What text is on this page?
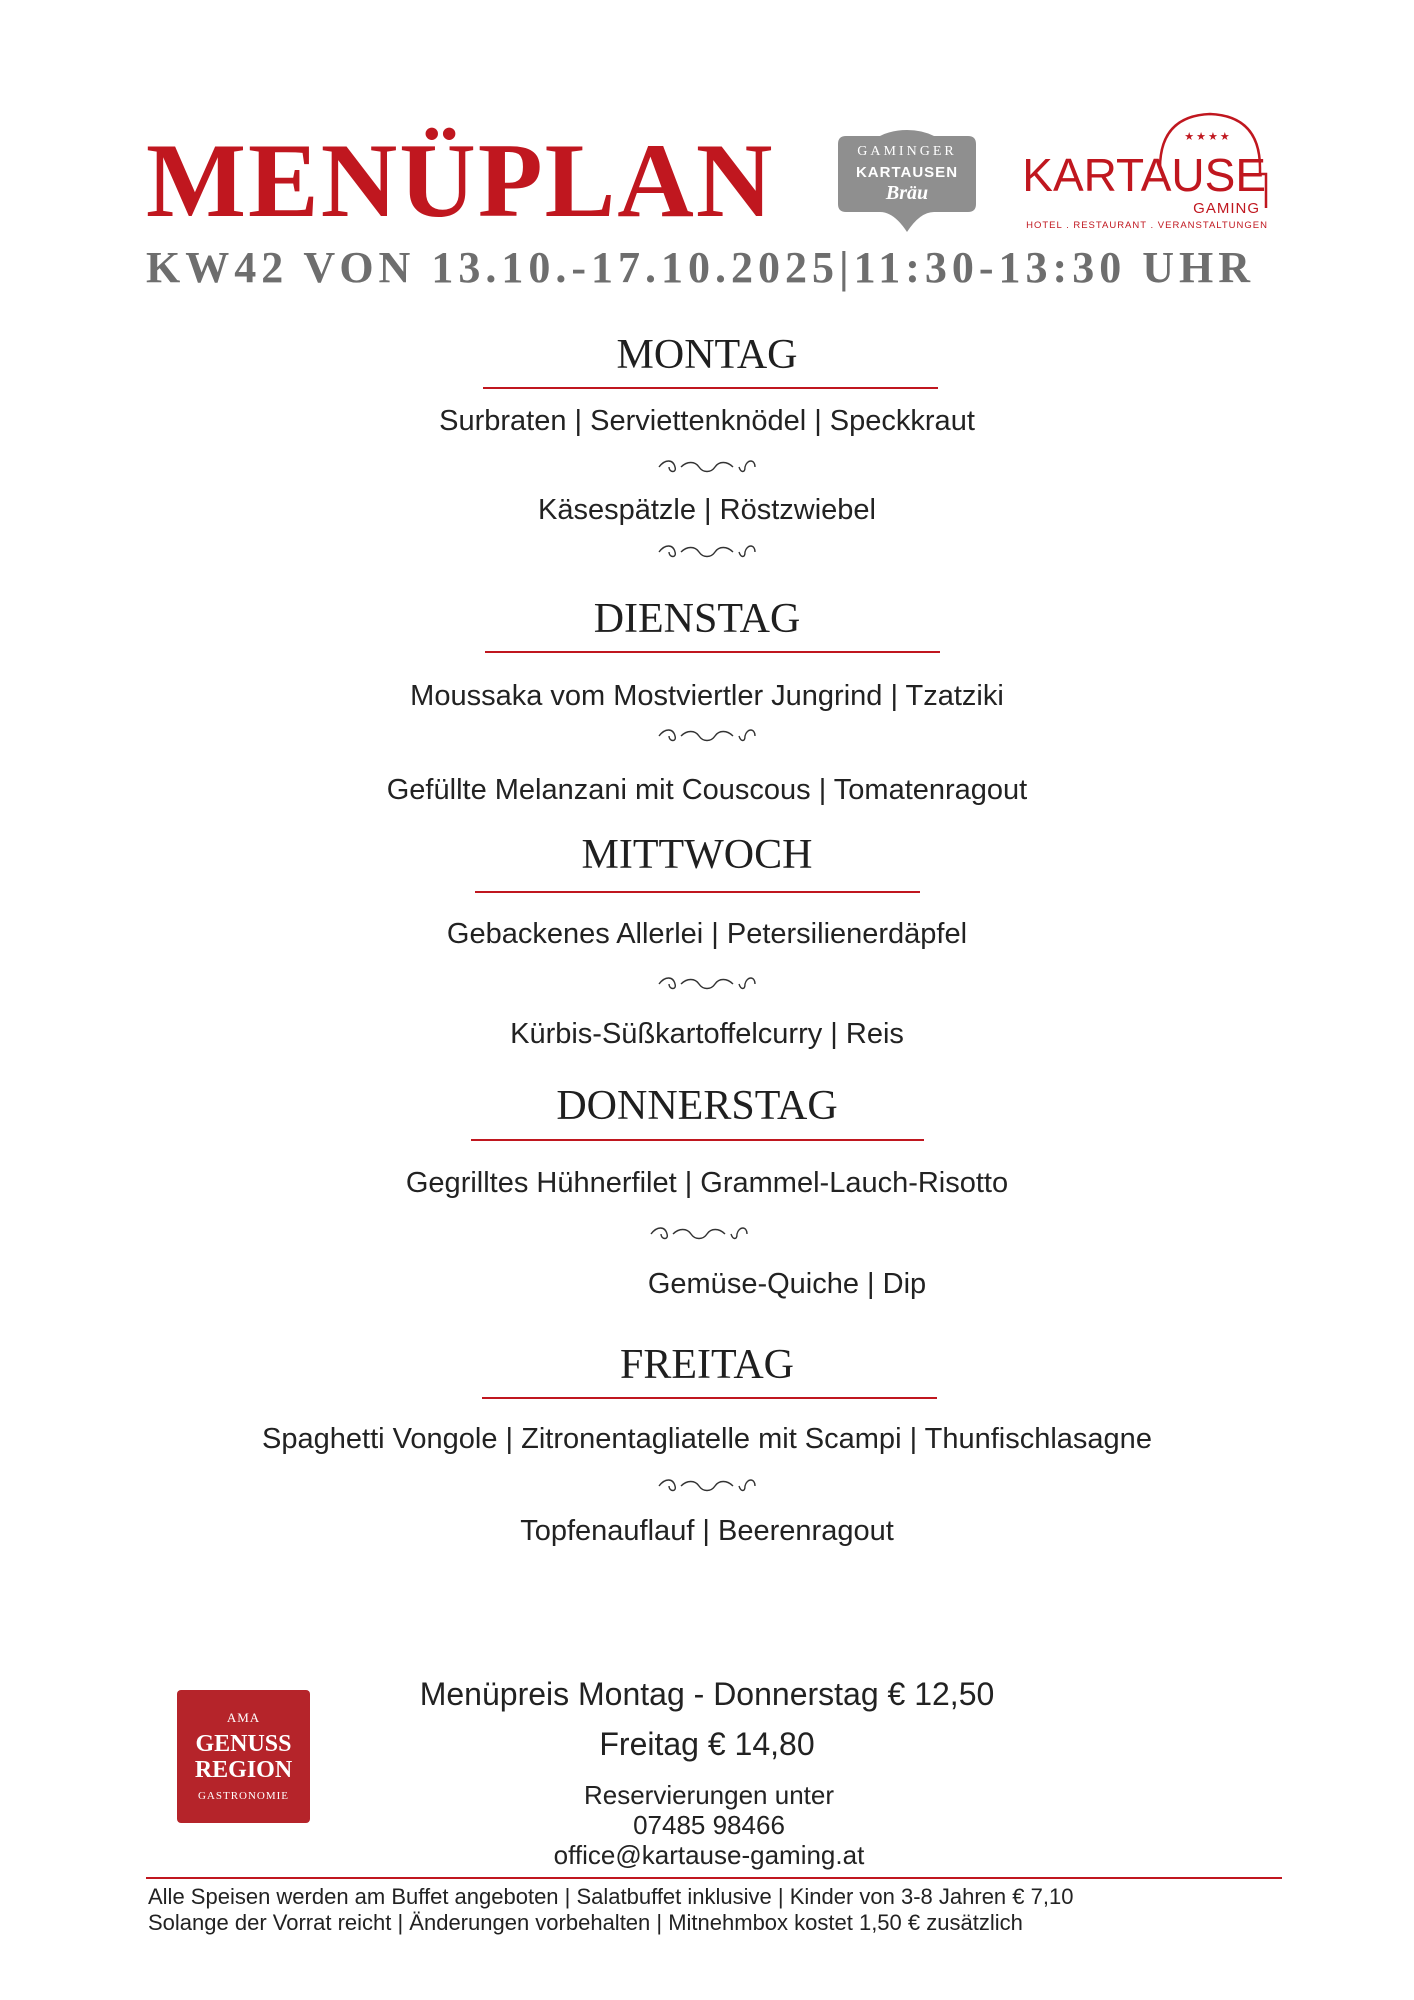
MENÜPLAN
KW42 VON 13.10.-17.10.2025|11:30-13:30 UHR
GAMINGER
KARTAUSEN
Bräu
★★★★
KARTAUSE
GAMING
HOTEL . RESTAURANT . VERANSTALTUNGEN
MONTAG
Surbraten | Serviettenknödel | Speckkraut
Käsespätzle | Röstzwiebel
DIENSTAG
Moussaka vom Mostviertler Jungrind | Tzatziki
Gefüllte Melanzani mit Couscous | Tomatenragout
MITTWOCH
Gebackenes Allerlei | Petersilienerdäpfel
Kürbis-Süßkartoffelcurry | Reis
DONNERSTAG
Gegrilltes Hühnerfilet | Grammel-Lauch-Risotto
Gemüse-Quiche | Dip
FREITAG
Spaghetti Vongole | Zitronentagliatelle mit Scampi | Thunfischlasagne
Topfenauflauf | Beerenragout
AMA
GENUSS
REGION
GASTRONOMIE
Menüpreis Montag - Donnerstag € 12,50
Freitag € 14,80
Reservierungen unter
07485 98466
office@kartause-gaming.at
Alle Speisen werden am Buffet angeboten | Salatbuffet inklusive | Kinder von 3-8 Jahren € 7,10
Solange der Vorrat reicht | Änderungen vorbehalten | Mitnehmbox kostet 1,50 € zusätzlich
